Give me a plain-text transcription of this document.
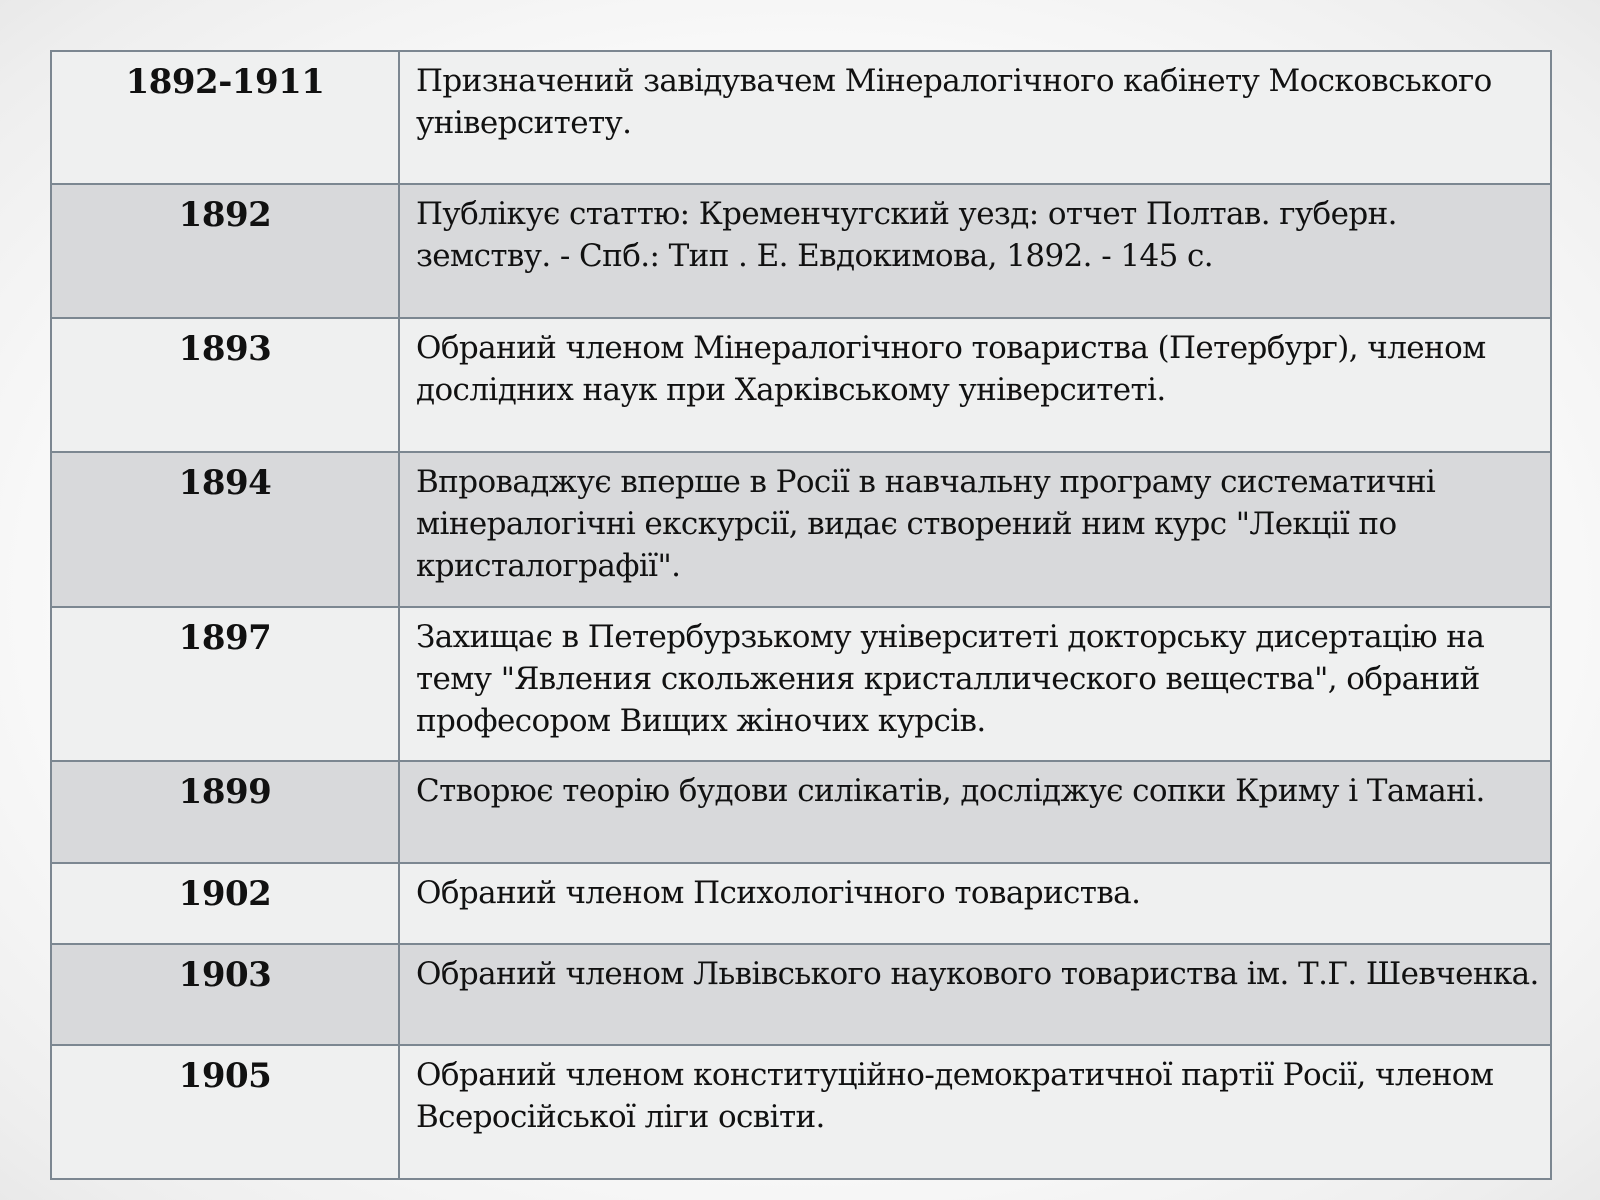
1892-1911	Призначений завідувачем Мінералогічного кабінету Московського університету.
1892	Публікує статтю: Кременчугский уезд: отчет Полтав. губерн. земству. - Спб.: Тип . Е. Евдокимова, 1892. - 145 с.
1893	Обраний членом Мінералогічного товариства (Петербург), членом дослідних наук при Харківському університеті.
1894	Впроваджує вперше в Росії в навчальну програму систематичні мінералогічні екскурсії, видає створений ним курс "Лекції по кристалографії".
1897	Захищає в Петербурзькому університеті докторську дисертацію на тему "Явления скольжения кристаллического вещества", обраний професором Вищих жіночих курсів.
1899	Створює теорію будови силікатів, досліджує сопки Криму і Тамані.
1902	Обраний членом Психологічного товариства.
1903	Обраний членом Львівського наукового товариства ім. Т.Г. Шевченка.
1905	Обраний членом конституційно-демократичної партії Росії, членом Всеросійської ліги освіти.
